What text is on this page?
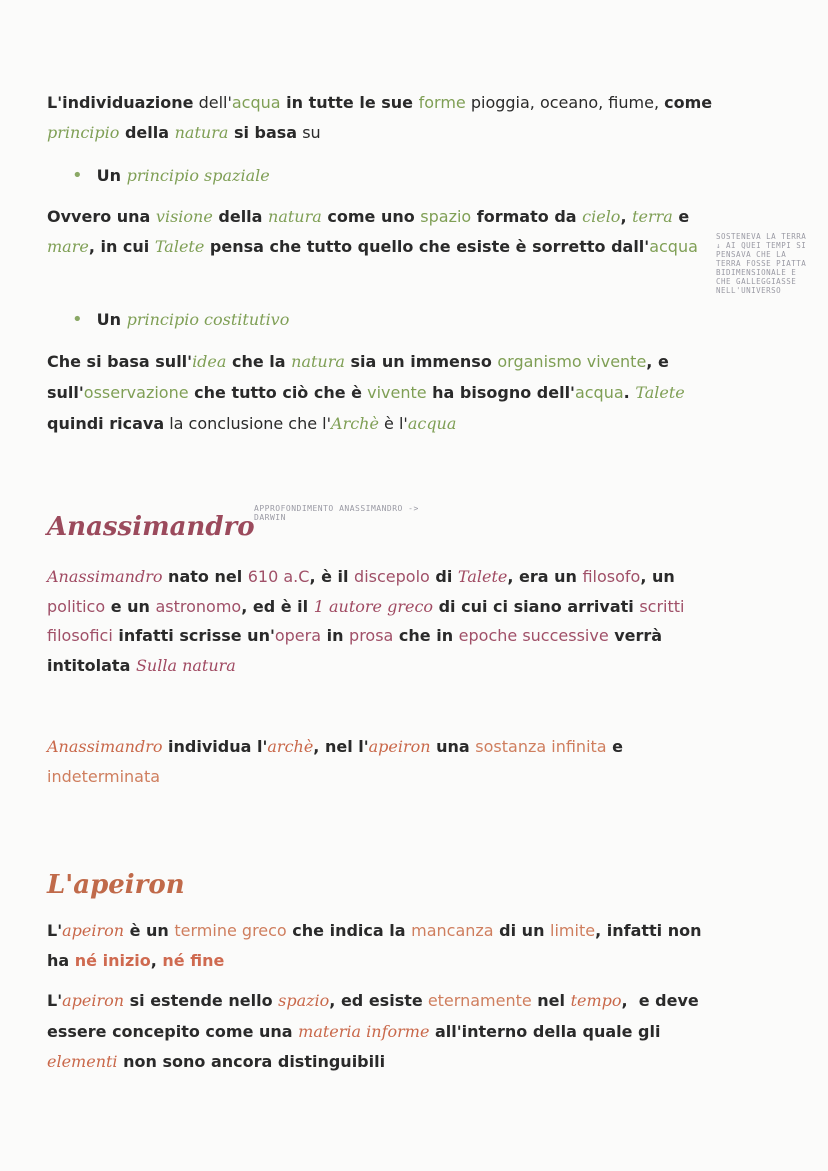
L'individuazione dell'acqua in tutte le sue forme pioggia, oceano, fiume, come principio della natura si basa su
• Un principio spaziale
Ovvero una visione della natura come uno spazio formato da cielo, terra e mare, in cui Talete pensa che tutto quello che esiste è sorretto dall'acqua
• Un principio costitutivo
Che si basa sull'idea che la natura sia un immenso organismo vivente, e sull'osservazione che tutto ciò che è vivente ha bisogno dell'acqua. Talete quindi ricava la conclusione che l'Archè è l'acqua
Anassimandro
Anassimandro nato nel 610 a.C, è il discepolo di Talete, era un filosofo, un politico e un astronomo, ed è il 1 autore greco di cui ci siano arrivati scritti filosofici infatti scrisse un'opera in prosa che in epoche successive verrà intitolata Sulla natura
Anassimandro individua l'archè, nel l'apeiron una sostanza infinita e indeterminata
L'apeiron
L'apeiron è un termine greco che indica la mancanza di un limite, infatti non ha né inizio, né fine
L'apeiron si estende nello spazio, ed esiste eternamente nel tempo,  e deve essere concepito come una materia informe all'interno della quale gli elementi non sono ancora distinguibili
SOSTENEVA LA TERRA ↓ AI QUEI TEMPI SI PENSAVA CHE LA TERRA FOSSE PIATTA BIDIMENSIONALE E CHE GALLEGGIASSE NELL'UNIVERSO
APPROFONDIMENTO ANASSIMANDRO -> DARWIN
